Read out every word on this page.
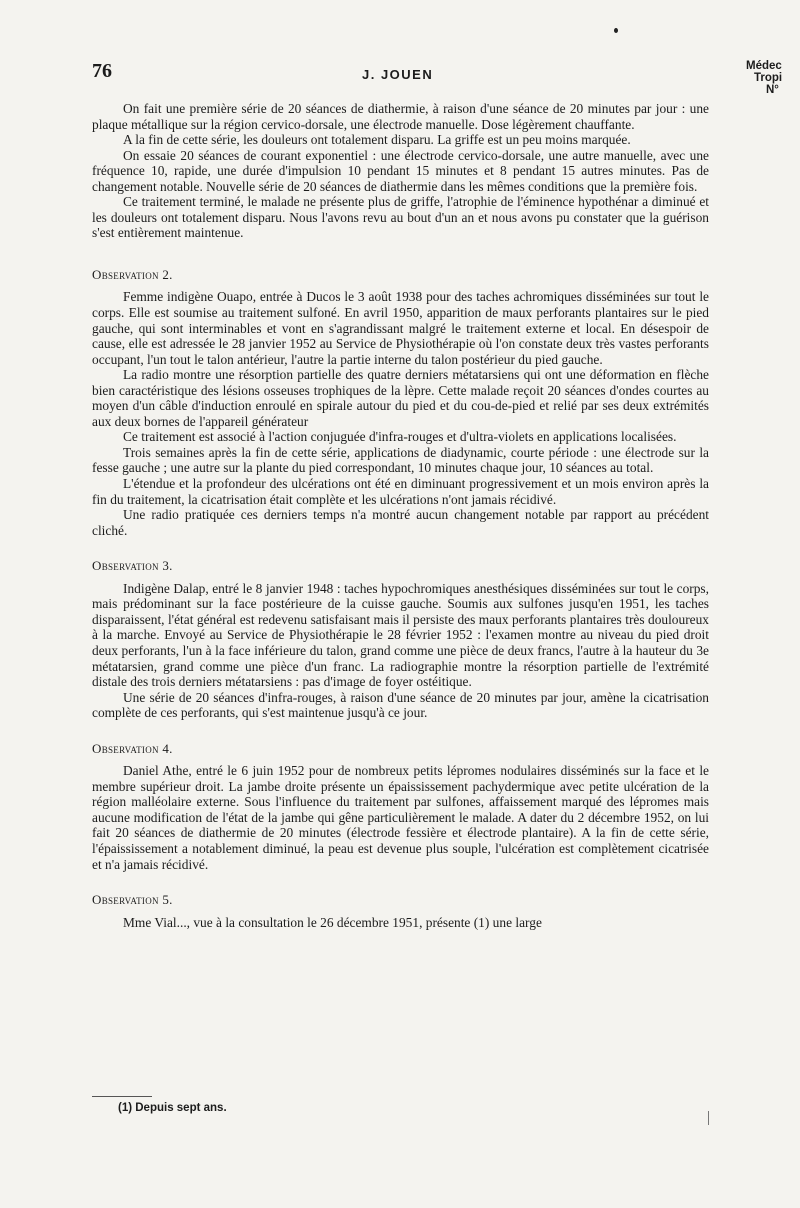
76	J. JOUEN
Médec
Tropi
N°

On fait une première série de 20 séances de diathermie, à raison d'une séance de 20 minutes par jour : une plaque métallique sur la région cervico-dorsale, une électrode manuelle. Dose légèrement chauffante.

A la fin de cette série, les douleurs ont totalement disparu. La griffe est un peu moins marquée.

On essaie 20 séances de courant exponentiel : une électrode cervico-dorsale, une autre manuelle, avec une fréquence 10, rapide, une durée d'impulsion 10 pendant 15 minutes et 8 pendant 15 autres minutes. Pas de changement notable. Nouvelle série de 20 séances de diathermie dans les mêmes conditions que la première fois.

Ce traitement terminé, le malade ne présente plus de griffe, l'atrophie de l'éminence hypothénar a diminué et les douleurs ont totalement disparu. Nous l'avons revu au bout d'un an et nous avons pu constater que la guérison s'est entièrement maintenue.

Observation 2.

Femme indigène Ouapo, entrée à Ducos le 3 août 1938 pour des taches achromiques disséminées sur tout le corps. Elle est soumise au traitement sulfoné. En avril 1950, apparition de maux perforants plantaires sur le pied gauche, qui sont interminables et vont en s'agrandissant malgré le traitement externe et local. En désespoir de cause, elle est adressée le 28 janvier 1952 au Service de Physiothérapie où l'on constate deux très vastes perforants occupant, l'un tout le talon antérieur, l'autre la partie interne du talon postérieur du pied gauche.

La radio montre une résorption partielle des quatre derniers métatarsiens qui ont une déformation en flèche bien caractéristique des lésions osseuses trophiques de la lèpre. Cette malade reçoit 20 séances d'ondes courtes au moyen d'un câble d'induction enroulé en spirale autour du pied et du cou-de-pied et relié par ses deux extrémités aux deux bornes de l'appareil générateur

Ce traitement est associé à l'action conjuguée d'infra-rouges et d'ultra-violets en applications localisées.

Trois semaines après la fin de cette série, applications de diadynamic, courte période : une électrode sur la fesse gauche ; une autre sur la plante du pied correspondant, 10 minutes chaque jour, 10 séances au total.

L'étendue et la profondeur des ulcérations ont été en diminuant progressivement et un mois environ après la fin du traitement, la cicatrisation était complète et les ulcérations n'ont jamais récidivé.

Une radio pratiquée ces derniers temps n'a montré aucun changement notable par rapport au précédent cliché.

Observation 3.

Indigène Dalap, entré le 8 janvier 1948 : taches hypochromiques anesthésiques disséminées sur tout le corps, mais prédominant sur la face postérieure de la cuisse gauche. Soumis aux sulfones jusqu'en 1951, les taches disparaissent, l'état général est redevenu satisfaisant mais il persiste des maux perforants plantaires très douloureux à la marche. Envoyé au Service de Physiothérapie le 28 février 1952 : l'examen montre au niveau du pied droit deux perforants, l'un à la face inférieure du talon, grand comme une pièce de deux francs, l'autre à la hauteur du 3e métatarsien, grand comme une pièce d'un franc. La radiographie montre la résorption partielle de l'extrémité distale des trois derniers métatarsiens : pas d'image de foyer ostéitique.

Une série de 20 séances d'infra-rouges, à raison d'une séance de 20 minutes par jour, amène la cicatrisation complète de ces perforants, qui s'est maintenue jusqu'à ce jour.

Observation 4.

Daniel Athe, entré le 6 juin 1952 pour de nombreux petits lépromes nodulaires disséminés sur la face et le membre supérieur droit. La jambe droite présente un épaississement pachydermique avec petite ulcération de la région malléolaire externe. Sous l'influence du traitement par sulfones, affaissement marqué des lépromes mais aucune modification de l'état de la jambe qui gêne particulièrement le malade. A dater du 2 décembre 1952, on lui fait 20 séances de diathermie de 20 minutes (électrode fessière et électrode plantaire). A la fin de cette série, l'épaississement a notablement diminué, la peau est devenue plus souple, l'ulcération est complètement cicatrisée et n'a jamais récidivé.

Observation 5.

Mme Vial..., vue à la consultation le 26 décembre 1951, présente (1) une large

(1) Depuis sept ans.
